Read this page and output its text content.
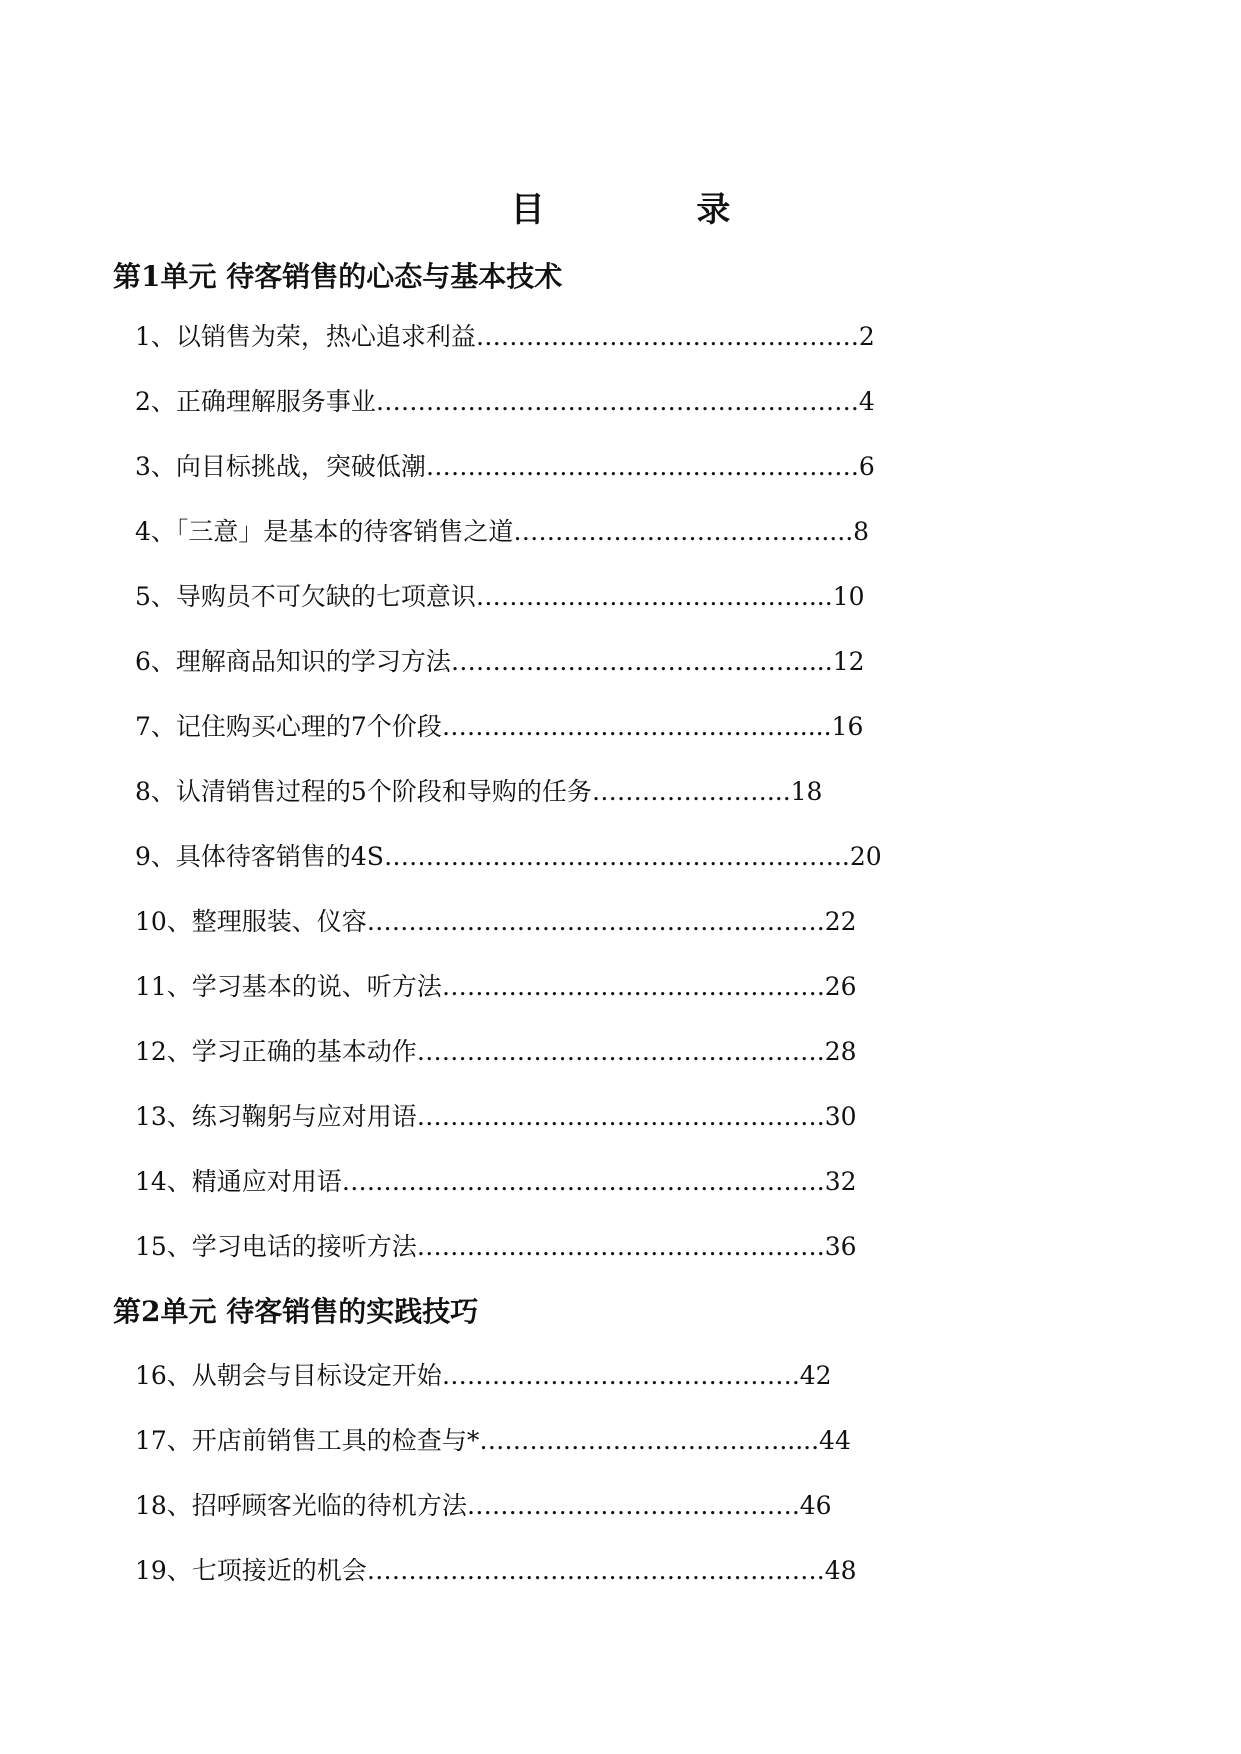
目 录
第1单元 待客销售的心态与基本技术
1、以销售为荣，热心追求利益……………………………………….2
2、正确理解服务事业………………………………………………….4
3、向目标挑战，突破低潮…………………………………………….6
4、「三意」是基本的待客销售之道……………………………….....8
5、导购员不可欠缺的七项意识…………………………………....10
6、理解商品知识的学习方法……………………………………....12
7、记住购买心理的7个价段…………………………………….....16
8、认清销售过程的5个阶段和导购的任务…………………...18
9、具体待客销售的4S………………………………………………..20
10、整理服装、仪容……………………………………………….22
11、学习基本的说、听方法……………………………………….26
12、学习正确的基本动作………………………………………….28
13、练习鞠躬与应对用语………………………………………….30
14、精通应对用语………………………………………………….32
15、学习电话的接听方法………………………………………….36
第2单元 待客销售的实践技巧
16、从朝会与目标设定开始…………………………………….42
17、开店前销售工具的检查与*……………………………….....44
18、招呼顾客光临的待机方法………………………………….46
19、七项接近的机会……………………………………………….48
